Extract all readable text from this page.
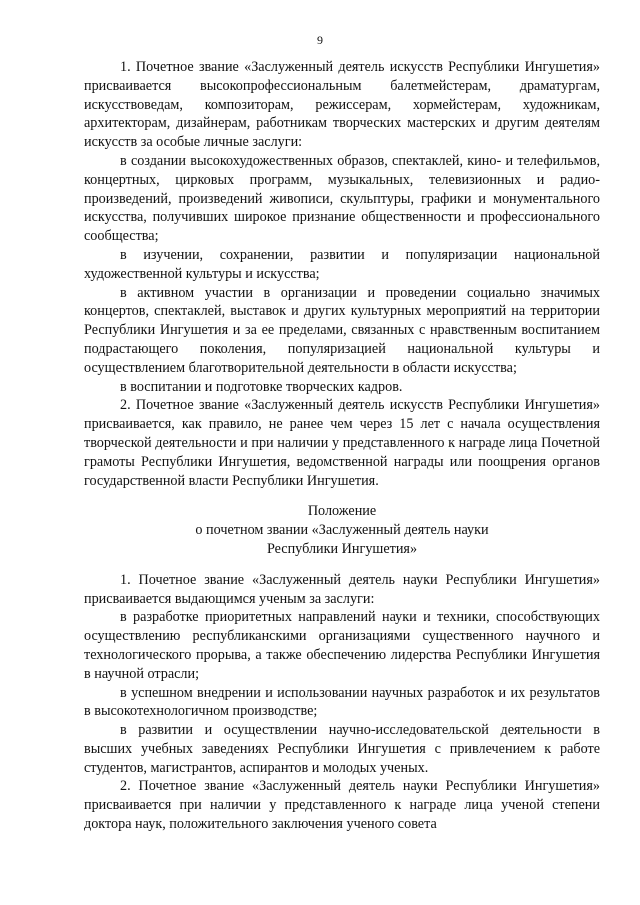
9

1. Почетное звание «Заслуженный деятель искусств Республики Ингушетия» присваивается высокопрофессиональным балетмейстерам, драматургам, искусствоведам, композиторам, режиссерам, хормейстерам, художникам, архитекторам, дизайнерам, работникам творческих мастерских и другим деятелям искусств за особые личные заслуги:

в создании высокохудожественных образов, спектаклей, кино- и телефильмов, концертных, цирковых программ, музыкальных, телевизионных и радио-произведений, произведений живописи, скульптуры, графики и монументального искусства, получивших широкое признание общественности и профессионального сообщества;

в изучении, сохранении, развитии и популяризации национальной художественной культуры и искусства;

в активном участии в организации и проведении социально значимых концертов, спектаклей, выставок и других культурных мероприятий на территории Республики Ингушетия и за ее пределами, связанных с нравственным воспитанием подрастающего поколения, популяризацией национальной культуры и осуществлением благотворительной деятельности в области искусства;

в воспитании и подготовке творческих кадров.

2. Почетное звание «Заслуженный деятель искусств Республики Ингушетия» присваивается, как правило, не ранее чем через 15 лет с начала осуществления творческой деятельности и при наличии у представленного к награде лица Почетной грамоты Республики Ингушетия, ведомственной награды или поощрения органов государственной власти Республики Ингушетия.

Положение
о почетном звании «Заслуженный деятель науки
Республики Ингушетия»

1. Почетное звание «Заслуженный деятель науки Республики Ингушетия» присваивается выдающимся ученым за заслуги:

в разработке приоритетных направлений науки и техники, способствующих осуществлению республиканскими организациями существенного научного и технологического прорыва, а также обеспечению лидерства Республики Ингушетия в научной отрасли;

в успешном внедрении и использовании научных разработок и их результатов в высокотехнологичном производстве;

в развитии и осуществлении научно-исследовательской деятельности в высших учебных заведениях Республики Ингушетия с привлечением к работе студентов, магистрантов, аспирантов и молодых ученых.

2. Почетное звание «Заслуженный деятель науки Республики Ингушетия» присваивается при наличии у представленного к награде лица ученой степени доктора наук, положительного заключения ученого совета
